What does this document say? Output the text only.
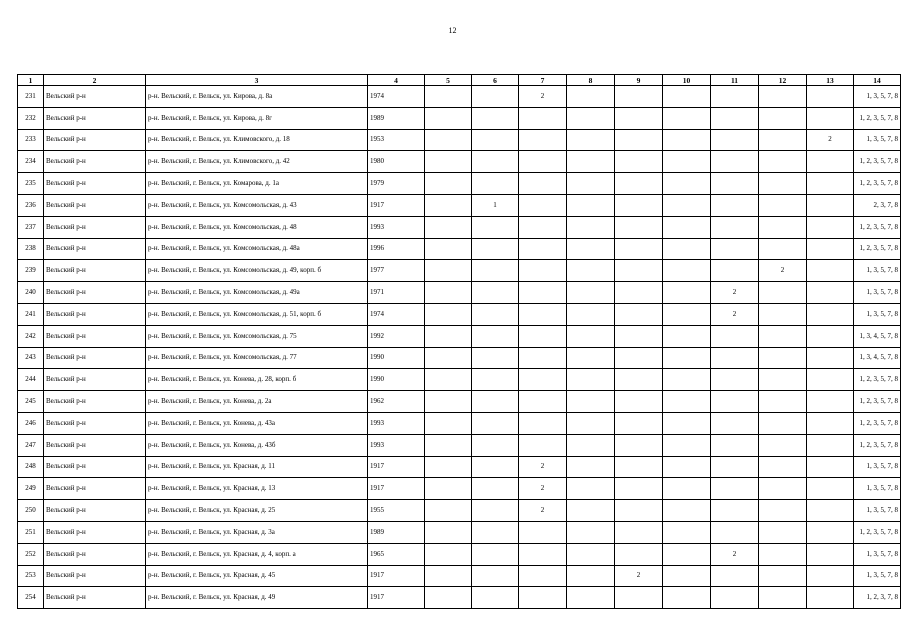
12
1	2	3	4	5	6	7	8	9	10	11	12	13	14
231	Вельский р-н	р-н. Вельский, г. Вельск, ул. Кирова, д. 8а	1974			2							1, 3, 5, 7, 8
232	Вельский р-н	р-н. Вельский, г. Вельск, ул. Кирова, д. 8г	1989										1, 2, 3, 5, 7, 8
233	Вельский р-н	р-н. Вельский, г. Вельск, ул. Климовского, д. 18	1953									2	1, 3, 5, 7, 8
234	Вельский р-н	р-н. Вельский, г. Вельск, ул. Климовского, д. 42	1980										1, 2, 3, 5, 7, 8
235	Вельский р-н	р-н. Вельский, г. Вельск, ул. Комарова, д. 1а	1979										1, 2, 3, 5, 7, 8
236	Вельский р-н	р-н. Вельский, г. Вельск, ул. Комсомольская, д. 43	1917		1								2, 3, 7, 8
237	Вельский р-н	р-н. Вельский, г. Вельск, ул. Комсомольская, д. 48	1993										1, 2, 3, 5, 7, 8
238	Вельский р-н	р-н. Вельский, г. Вельск, ул. Комсомольская, д. 48а	1996										1, 2, 3, 5, 7, 8
239	Вельский р-н	р-н. Вельский, г. Вельск, ул. Комсомольская, д. 49, корп. б	1977								2		1, 3, 5, 7, 8
240	Вельский р-н	р-н. Вельский, г. Вельск, ул. Комсомольская, д. 49а	1971							2			1, 3, 5, 7, 8
241	Вельский р-н	р-н. Вельский, г. Вельск, ул. Комсомольская, д. 51, корп. б	1974							2			1, 3, 5, 7, 8
242	Вельский р-н	р-н. Вельский, г. Вельск, ул. Комсомольская, д. 75	1992										1, 3, 4, 5, 7, 8
243	Вельский р-н	р-н. Вельский, г. Вельск, ул. Комсомольская, д. 77	1990										1, 3, 4, 5, 7, 8
244	Вельский р-н	р-н. Вельский, г. Вельск, ул. Конева, д. 28, корп. б	1990										1, 2, 3, 5, 7, 8
245	Вельский р-н	р-н. Вельский, г. Вельск, ул. Конева, д. 2а	1962										1, 2, 3, 5, 7, 8
246	Вельский р-н	р-н. Вельский, г. Вельск, ул. Конева, д. 43а	1993										1, 2, 3, 5, 7, 8
247	Вельский р-н	р-н. Вельский, г. Вельск, ул. Конева, д. 43б	1993										1, 2, 3, 5, 7, 8
248	Вельский р-н	р-н. Вельский, г. Вельск, ул. Красная, д. 11	1917			2							1, 3, 5, 7, 8
249	Вельский р-н	р-н. Вельский, г. Вельск, ул. Красная, д. 13	1917			2							1, 3, 5, 7, 8
250	Вельский р-н	р-н. Вельский, г. Вельск, ул. Красная, д. 25	1955			2							1, 3, 5, 7, 8
251	Вельский р-н	р-н. Вельский, г. Вельск, ул. Красная, д. 3а	1989										1, 2, 3, 5, 7, 8
252	Вельский р-н	р-н. Вельский, г. Вельск, ул. Красная, д. 4, корп. а	1965							2			1, 3, 5, 7, 8
253	Вельский р-н	р-н. Вельский, г. Вельск, ул. Красная, д. 45	1917					2					1, 3, 5, 7, 8
254	Вельский р-н	р-н. Вельский, г. Вельск, ул. Красная, д. 49	1917										1, 2, 3, 7, 8
